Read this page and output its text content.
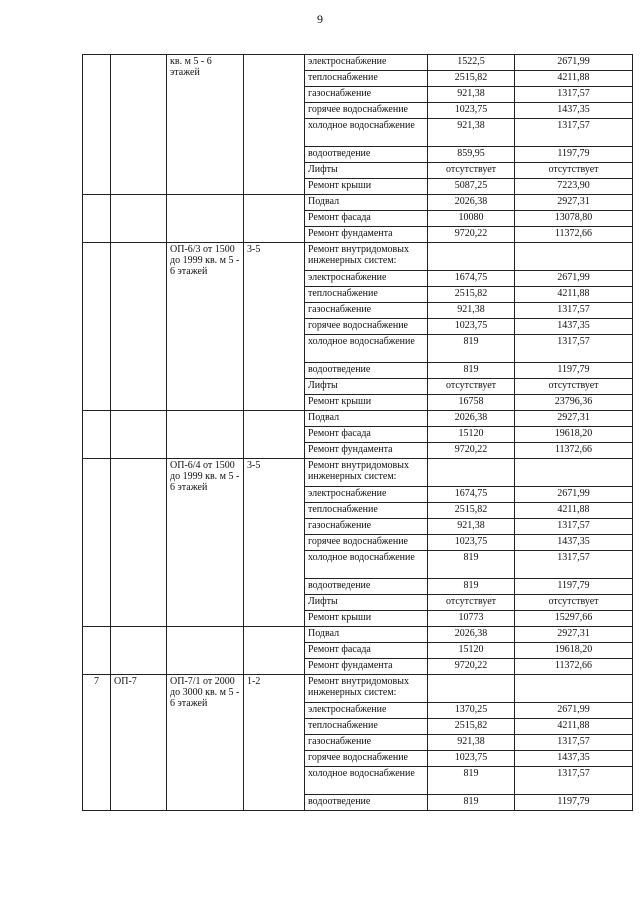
9
		кв. м 5 - 6 этажей		электроснабжение	1522,5	2671,99
				теплоснабжение	2515,82	4211,88
				газоснабжение	921,38	1317,57
				горячее водоснабжение	1023,75	1437,35
				холодное водоснабжение	921,38	1317,57
				водоотведение	859,95	1197,79
				Лифты	отсутствует	отсутствует
				Ремонт крыши	5087,25	7223,90
				Подвал	2026,38	2927,31
				Ремонт фасада	10080	13078,80
				Ремонт фундамента	9720,22	11372,66
		ОП-6/3 от 1500 до 1999 кв. м 5 - 6 этажей	3-5	Ремонт внутридомовых инженерных систем:		
				электроснабжение	1674,75	2671,99
				теплоснабжение	2515,82	4211,88
				газоснабжение	921,38	1317,57
				горячее водоснабжение	1023,75	1437,35
				холодное водоснабжение	819	1317,57
				водоотведение	819	1197,79
				Лифты	отсутствует	отсутствует
				Ремонт крыши	16758	23796,36
				Подвал	2026,38	2927,31
				Ремонт фасада	15120	19618,20
				Ремонт фундамента	9720,22	11372,66
		ОП-6/4 от 1500 до 1999 кв. м 5 - 6 этажей	3-5	Ремонт внутридомовых инженерных систем:		
				электроснабжение	1674,75	2671,99
				теплоснабжение	2515,82	4211,88
				газоснабжение	921,38	1317,57
				горячее водоснабжение	1023,75	1437,35
				холодное водоснабжение	819	1317,57
				водоотведение	819	1197,79
				Лифты	отсутствует	отсутствует
				Ремонт крыши	10773	15297,66
				Подвал	2026,38	2927,31
				Ремонт фасада	15120	19618,20
				Ремонт фундамента	9720,22	11372,66
7	ОП-7	ОП-7/1 от 2000 до 3000 кв. м 5 - 6 этажей	1-2	Ремонт внутридомовых инженерных систем:		
				электроснабжение	1370,25	2671,99
				теплоснабжение	2515,82	4211,88
				газоснабжение	921,38	1317,57
				горячее водоснабжение	1023,75	1437,35
				холодное водоснабжение	819	1317,57
				водоотведение	819	1197,79
